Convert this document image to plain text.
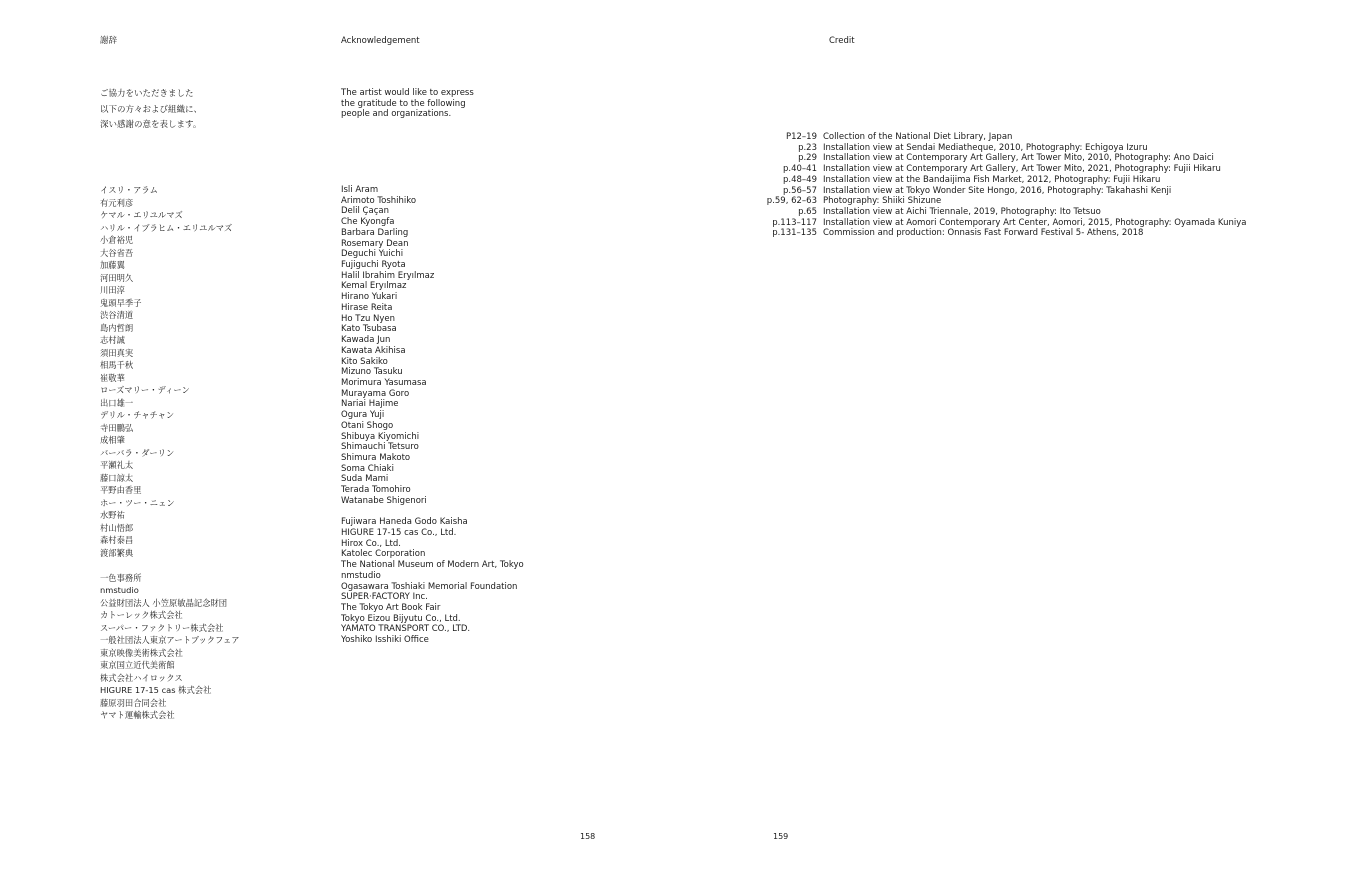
謝辞	Acknowledgement	Credit
ご協力をいただきました
以下の方々および組織に、
深い感謝の意を表します。
The artist would like to express
the gratitude to the following
people and organizations.
イスリ・アラム
有元利彦
ケマル・エリユルマズ
ハリル・イブラヒム・エリユルマズ
小倉裕児
大谷省吾
加藤翼
河田明久
川田淳
鬼頭早季子
渋谷清道
島内哲朗
志村誠
須田真実
相馬千秋
崔敬華
ローズマリー・ディーン
出口雄一
デリル・チャチャン
寺田鵬弘
成相肇
バーバラ・ダーリン
平瀬礼太
藤口諒太
平野由香里
ホー・ツー・ニェン
水野祐
村山悟郎
森村泰昌
渡部繁典
一色事務所
nmstudio
公益財団法人 小笠原敏晶記念財団
カトーレック株式会社
スーパー・ファクトリー株式会社
一般社団法人東京アートブックフェア
東京映像美術株式会社
東京国立近代美術館
株式会社ハイロックス
HIGURE 17-15 cas 株式会社
藤原羽田合同会社
ヤマト運輸株式会社
Isli Aram
Arimoto Toshihiko
Delil Çaçan
Che Kyongfa
Barbara Darling
Rosemary Dean
Deguchi Yuichi
Fujiguchi Ryota
Halil Ibrahim Eryılmaz
Kemal Eryılmaz
Hirano Yukari
Hirase Reita
Ho Tzu Nyen
Kato Tsubasa
Kawada Jun
Kawata Akihisa
Kito Sakiko
Mizuno Tasuku
Morimura Yasumasa
Murayama Goro
Nariai Hajime
Ogura Yuji
Otani Shogo
Shibuya Kiyomichi
Shimauchi Tetsuro
Shimura Makoto
Soma Chiaki
Suda Mami
Terada Tomohiro
Watanabe Shigenori
Fujiwara Haneda Godo Kaisha
HIGURE 17-15 cas Co., Ltd.
Hirox Co., Ltd.
Katolec Corporation
The National Museum of Modern Art, Tokyo
nmstudio
Ogasawara Toshiaki Memorial Foundation
SUPER·FACTORY Inc.
The Tokyo Art Book Fair
Tokyo Eizou Bijyutu Co., Ltd.
YAMATO TRANSPORT CO., LTD.
Yoshiko Isshiki Office
P12–19	Collection of the National Diet Library, Japan
p.23	Installation view at Sendai Mediatheque, 2010, Photography: Echigoya Izuru
p.29	Installation view at Contemporary Art Gallery, Art Tower Mito, 2010, Photography: Ano Daici
p.40–41	Installation view at Contemporary Art Gallery, Art Tower Mito, 2021, Photography: Fujii Hikaru
p.48–49	Installation view at the Bandaijima Fish Market, 2012, Photography: Fujii Hikaru
p.56–57	Installation view at Tokyo Wonder Site Hongo, 2016, Photography: Takahashi Kenji
p.59, 62–63	Photography: Shiiki Shizune
p.65	Installation view at Aichi Triennale, 2019, Photography: Ito Tetsuo
p.113–117	Installation view at Aomori Contemporary Art Center, Aomori, 2015, Photography: Oyamada Kuniya
p.131–135	Commission and production: Onnasis Fast Forward Festival 5- Athens, 2018
158	159
